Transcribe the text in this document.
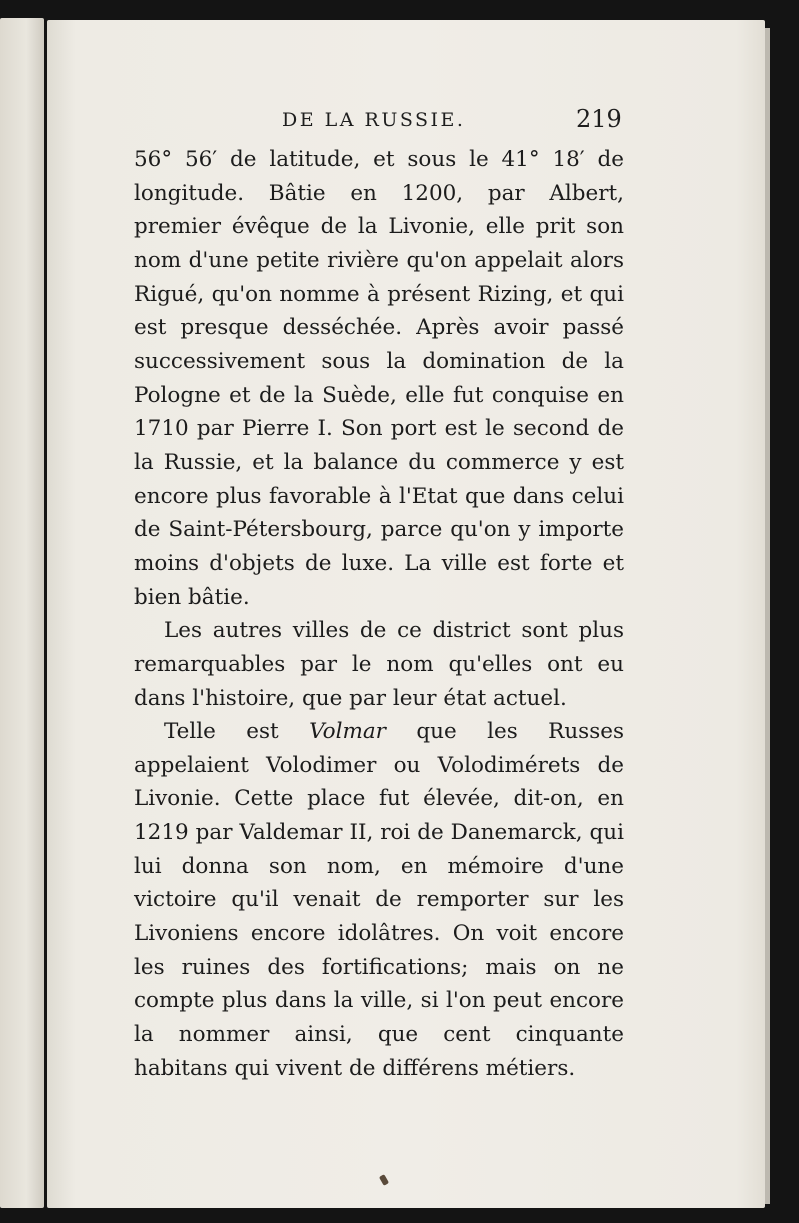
DE LA RUSSIE.	219

56° 56′ de latitude, et sous le 41° 18′ de longitude. Bâtie en 1200, par Albert, premier évêque de la Livonie, elle prit son nom d'une petite rivière qu'on appelait alors Rigué, qu'on nomme à présent Rizing, et qui est presque desséchée. Après avoir passé successivement sous la domination de la Pologne et de la Suède, elle fut conquise en 1710 par Pierre I. Son port est le second de la Russie, et la balance du commerce y est encore plus favorable à l'Etat que dans celui de Saint-Pétersbourg, parce qu'on y importe moins d'objets de luxe. La ville est forte et bien bâtie.

Les autres villes de ce district sont plus remarquables par le nom qu'elles ont eu dans l'histoire, que par leur état actuel.

Telle est Volmar que les Russes appelaient Volodimer ou Volodimérets de Livonie. Cette place fut élevée, dit-on, en 1219 par Valdemar II, roi de Danemarck, qui lui donna son nom, en mémoire d'une victoire qu'il venait de remporter sur les Livoniens encore idolâtres. On voit encore les ruines des fortifications; mais on ne compte plus dans la ville, si l'on peut encore la nommer ainsi, que cent cinquante habitans qui vivent de différens métiers.
